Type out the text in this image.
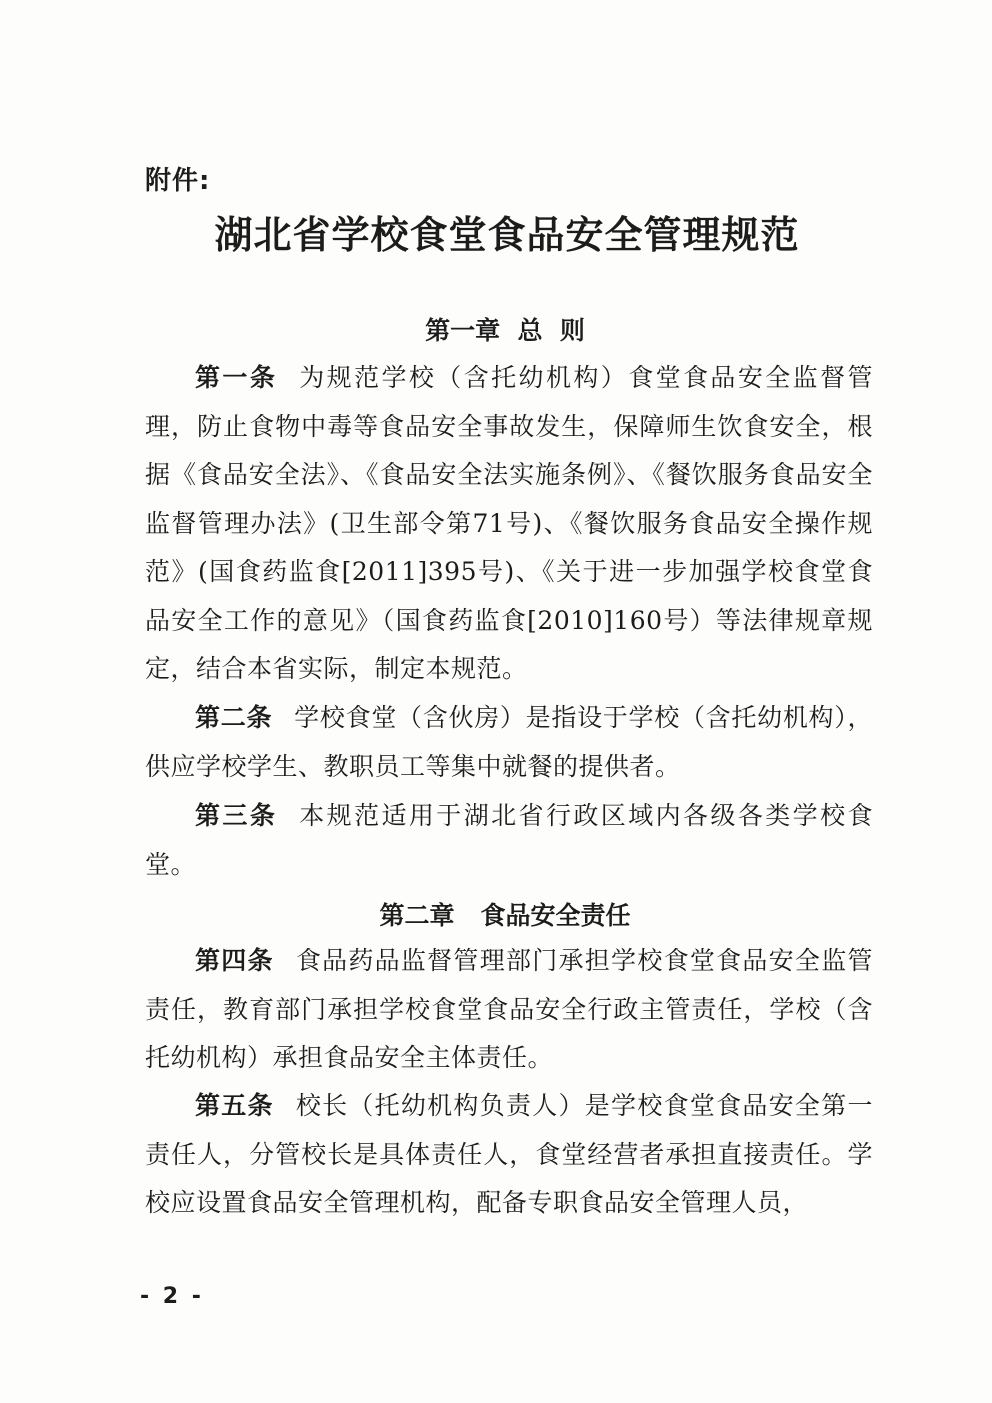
附件:
湖北省学校食堂食品安全管理规范
第一章  总  则

第一条 为规范学校（含托幼机构）食堂食品安全监督管理，防止食物中毒等食品安全事故发生，保障师生饮食安全，根据《食品安全法》、《食品安全法实施条例》、《餐饮服务食品安全监督管理办法》(卫生部令第71号)、《餐饮服务食品安全操作规范》(国食药监食[2011]395号)、《关于进一步加强学校食堂食品安全工作的意见》（国食药监食[2010]160号）等法律规章规定，结合本省实际，制定本规范。

第二条 学校食堂（含伙房）是指设于学校（含托幼机构），供应学校学生、教职员工等集中就餐的提供者。

第三条 本规范适用于湖北省行政区域内各级各类学校食堂。

第二章   食品安全责任

第四条 食品药品监督管理部门承担学校食堂食品安全监管责任，教育部门承担学校食堂食品安全行政主管责任，学校（含托幼机构）承担食品安全主体责任。

第五条 校长（托幼机构负责人）是学校食堂食品安全第一责任人，分管校长是具体责任人，食堂经营者承担直接责任。学校应设置食品安全管理机构，配备专职食品安全管理人员，

- 2 -
